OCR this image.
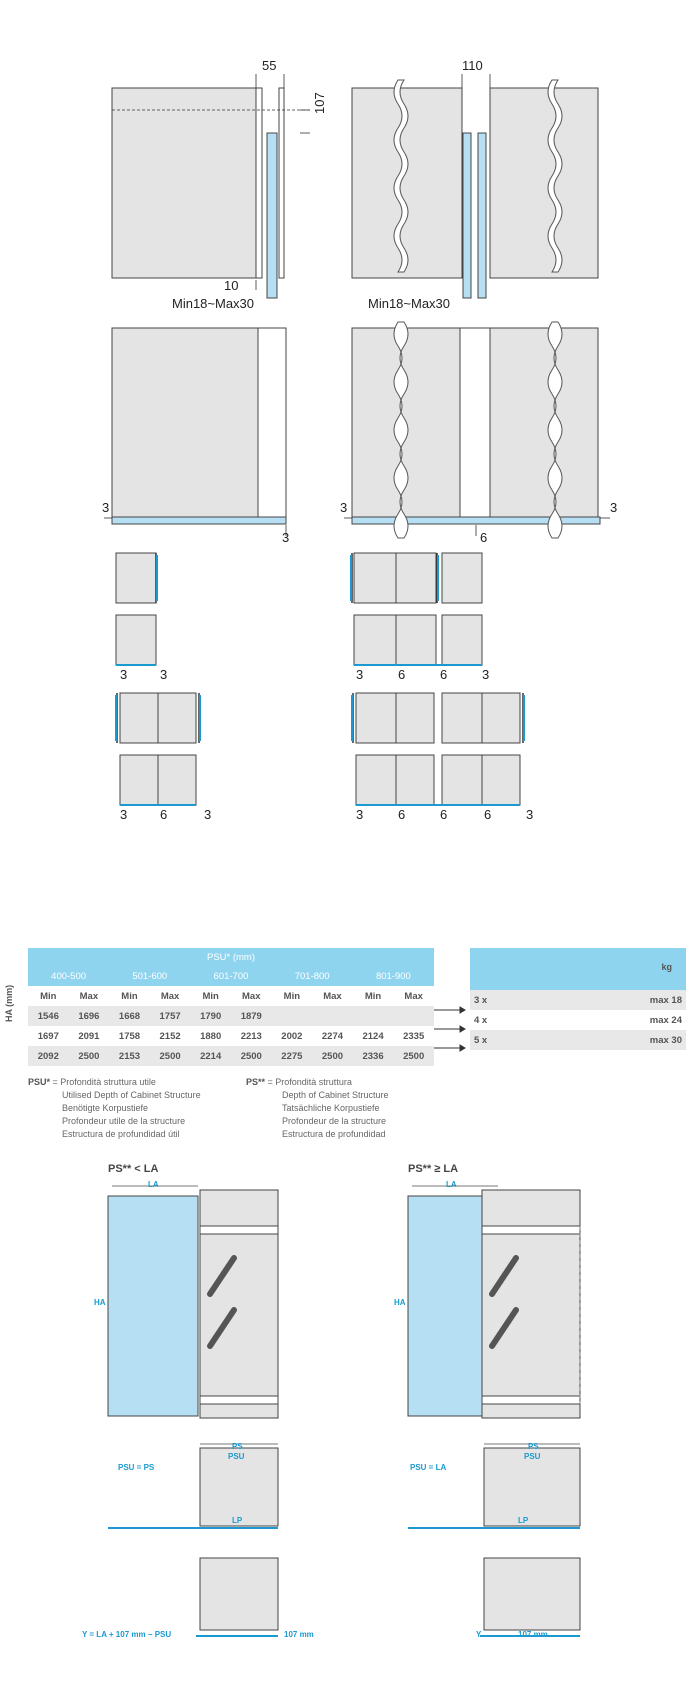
55
107
10
Min18~Max30
110
Min18~Max30
3
3
3	3
6
3	3	3	6	6	3
3	6	3	3	6	6	6	3
HA (mm)
PSU* (mm)									
400-500		501-600		601-700		701-800		801-900	
Min	Max	Min	Max	Min	Max	Min	Max	Min	Max
1546	1696	1668	1757	1790	1879				
1697	2091	1758	2152	1880	2213	2002	2274	2124	2335
2092	2500	2153	2500	2214	2500	2275	2500	2336	2500
kg		
3 x		max 18
4 x		max 24
5 x		max 30
PSU* = Profondità struttura utile
Utilised Depth of Cabinet Structure
Benötigte Korpustiefe
Profondeur utile de la structure
Estructura de profundidad útil
PS** = Profondità struttura
Depth of Cabinet Structure
Tatsächliche Korpustiefe
Profondeur de la structure
Estructura de profundidad
PS** < LA	PS** ≥ LA
LA	LA
HA	HA
PS
PSU
PS
PSU
PSU = PS	PSU = LA
LP	LP
Y = LA + 107 mm − PSU	107 mm	Y	107 mm
